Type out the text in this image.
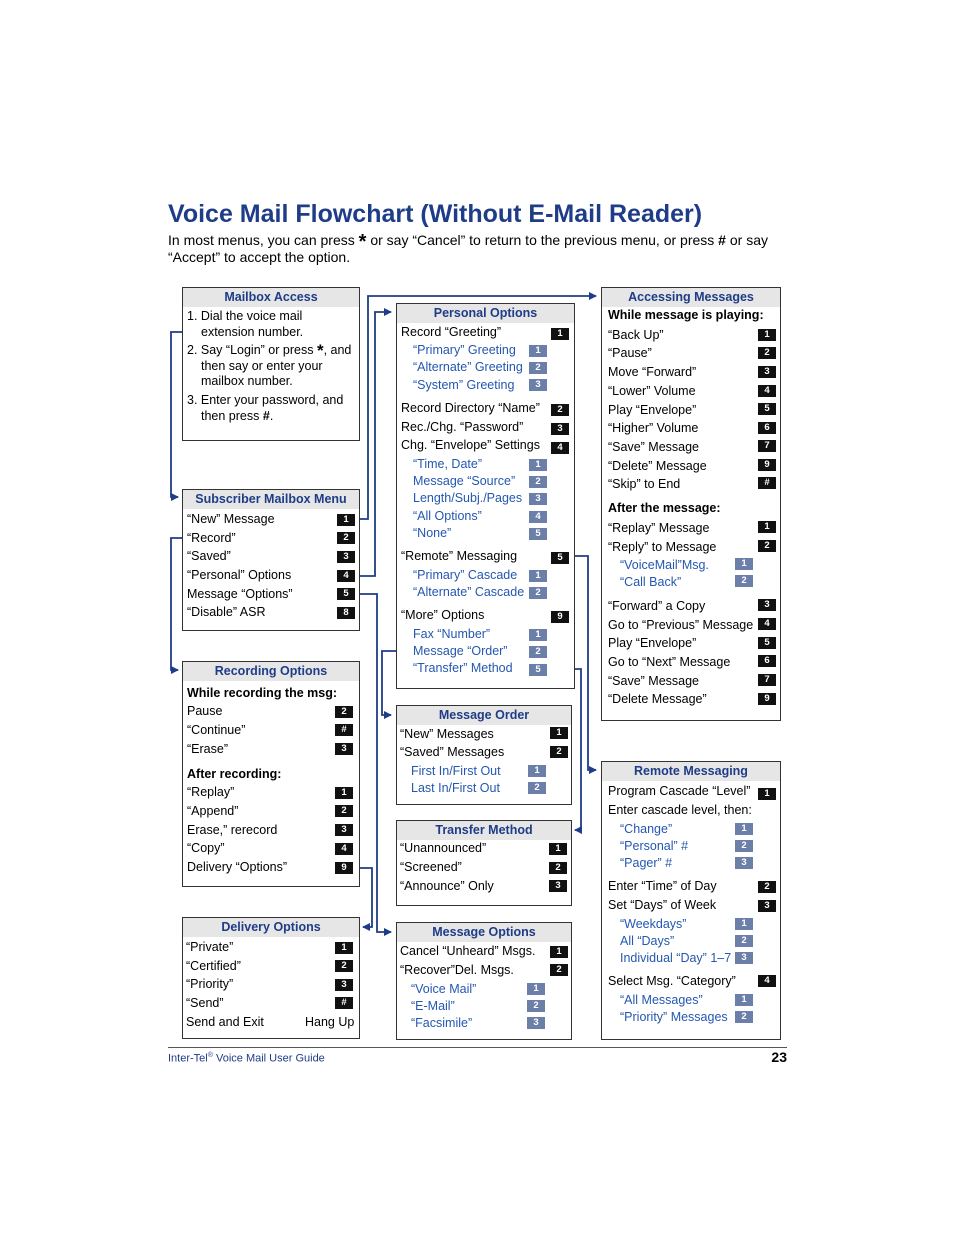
Voice Mail Flowchart (Without E-Mail Reader)
In most menus, you can press * or say “Cancel” to return to the previous menu, or press # or say “Accept” to accept the option.
Mailbox Access
1. Dial the voice mail
extension number.
2. Say “Login” or press *, and
then say or enter your
mailbox number.
3. Enter your password, and
then press #.
Subscriber Mailbox Menu
“New” Message	1
“Record”	2
“Saved”	3
“Personal” Options	4
Message “Options”	5
“Disable” ASR	8
Recording Options
While recording the msg:
Pause	2
“Continue”	#
“Erase”	3
After recording:
“Replay”	1
“Append”	2
Erase,” rerecord	3
“Copy”	4
Delivery “Options”	9
Delivery Options
“Private”	1
“Certified”	2
“Priority”	3
“Send”	#
Send and Exit	Hang Up
Personal Options
Record “Greeting”	1
“Primary” Greeting	1
“Alternate” Greeting	2
“System” Greeting	3
Record Directory “Name”	2
Rec./Chg. “Password”	3
Chg. “Envelope” Settings	4
“Time, Date”	1
Message “Source”	2
Length/Subj./Pages	3
“All Options”	4
“None”	5
“Remote” Messaging	5
“Primary” Cascade	1
“Alternate” Cascade	2
“More” Options	9
Fax “Number”	1
Message “Order”	2
“Transfer” Method	5
Message Order
“New” Messages	1
“Saved” Messages	2
First In/First Out	1
Last In/First Out	2
Transfer Method
“Unannounced”	1
“Screened”	2
“Announce” Only	3
Message Options
Cancel “Unheard” Msgs.	1
“Recover”Del. Msgs.	2
“Voice Mail”	1
“E-Mail”	2
“Facsimile”	3
Accessing Messages
While message is playing:
“Back Up”	1
“Pause”	2
Move “Forward”	3
“Lower” Volume	4
Play “Envelope”	5
“Higher” Volume	6
“Save” Message	7
“Delete” Message	9
“Skip” to End	#
After the message:
“Replay” Message	1
“Reply” to Message	2
“VoiceMail”Msg.	1
“Call Back”	2
“Forward” a Copy	3
Go to “Previous” Message	4
Play “Envelope”	5
Go to “Next” Message	6
“Save” Message	7
“Delete Message”	9
Remote Messaging
Program Cascade “Level”	1
Enter cascade level, then:
“Change”	1
“Personal” #	2
“Pager” #	3
Enter “Time” of Day	2
Set “Days” of Week	3
“Weekdays”	1
All “Days”	2
Individual “Day” 1–7	3
Select Msg. “Category”	4
“All Messages”	1
“Priority” Messages	2
Inter-Tel® Voice Mail User Guide	23
